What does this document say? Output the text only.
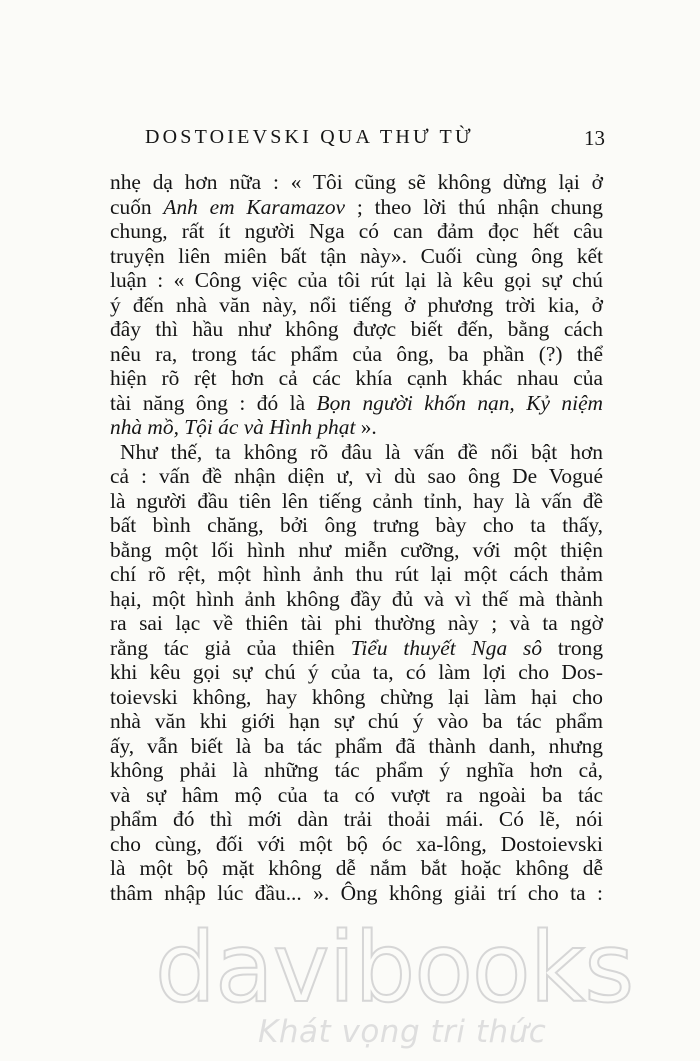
DOSTOIEVSKI QUA THƯ TỪ	13
nhẹ dạ hơn nữa : « Tôi cũng sẽ không dừng lại ở
cuốn Anh em Karamazov ; theo lời thú nhận chung
chung, rất ít người Nga có can đảm đọc hết câu
truyện liên miên bất tận này». Cuối cùng ông kết
luận : « Công việc của tôi rút lại là kêu gọi sự chú
ý đến nhà văn này, nổi tiếng ở phương trời kia, ở
đây thì hầu như không được biết đến, bằng cách
nêu ra, trong tác phẩm của ông, ba phần (?) thể
hiện rõ rệt hơn cả các khía cạnh khác nhau của
tài năng ông : đó là Bọn người khốn nạn, Kỷ niệm
nhà mồ, Tội ác và Hình phạt ».
Như thế, ta không rõ đâu là vấn đề nổi bật hơn
cả : vấn đề nhận diện ư, vì dù sao ông De Vogué
là người đầu tiên lên tiếng cảnh tỉnh, hay là vấn đề
bất bình chăng, bởi ông trưng bày cho ta thấy,
bằng một lối hình như miễn cưỡng, với một thiện
chí rõ rệt, một hình ảnh thu rút lại một cách thảm
hại, một hình ảnh không đầy đủ và vì thế mà thành
ra sai lạc về thiên tài phi thường này ; và ta ngờ
rằng tác giả của thiên Tiểu thuyết Nga sô trong
khi kêu gọi sự chú ý của ta, có làm lợi cho Dos-
toievski không, hay không chừng lại làm hại cho
nhà văn khi giới hạn sự chú ý vào ba tác phẩm
ấy, vẫn biết là ba tác phẩm đã thành danh, nhưng
không phải là những tác phẩm ý nghĩa hơn cả,
và sự hâm mộ của ta có vượt ra ngoài ba tác
phẩm đó thì mới dàn trải thoải mái. Có lẽ, nói
cho cùng, đối với một bộ óc xa-lông, Dostoievski
là một bộ mặt không dễ nắm bắt hoặc không dễ
thâm nhập lúc đầu... ». Ông không giải trí cho ta :
davibooks
Khát vọng tri thức
